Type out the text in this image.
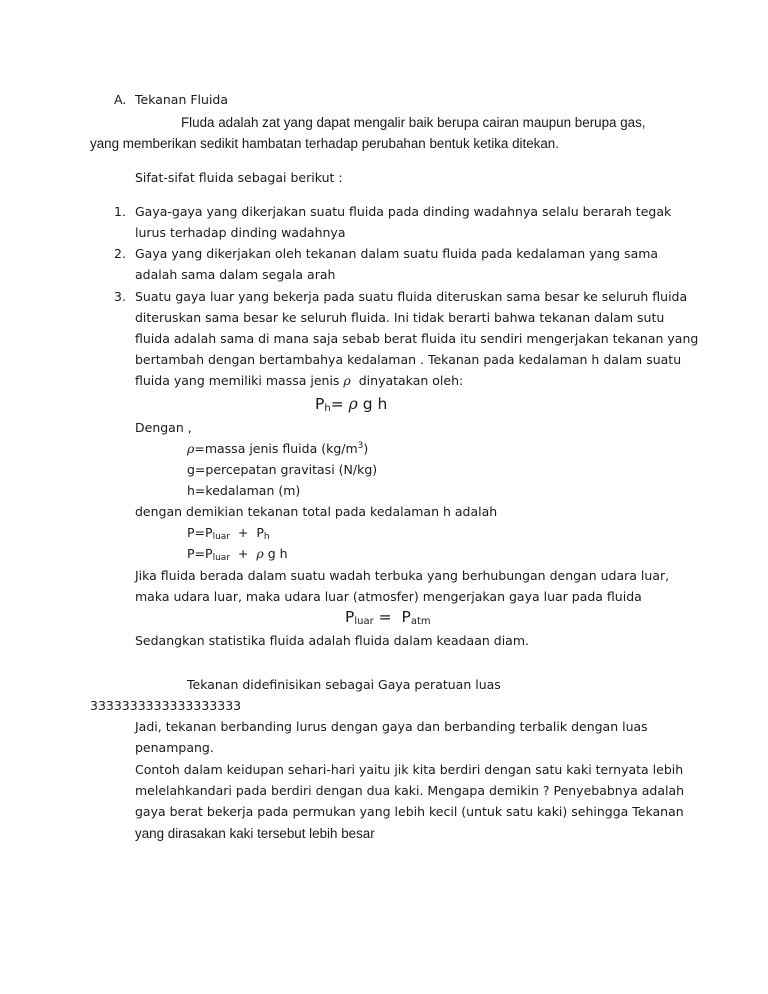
A. Tekanan Fluida
Fluda adalah zat yang dapat mengalir baik berupa cairan maupun berupa gas,
yang memberikan sedikit hambatan terhadap perubahan bentuk ketika ditekan.
Sifat-sifat fluida sebagai berikut :
1. Gaya-gaya yang dikerjakan suatu fluida pada dinding wadahnya selalu berarah tegak
lurus terhadap dinding wadahnya
2. Gaya yang dikerjakan oleh tekanan dalam suatu fluida pada kedalaman yang sama
adalah sama dalam segala arah
3. Suatu gaya luar yang bekerja pada suatu fluida diteruskan sama besar ke seluruh fluida
diteruskan sama besar ke seluruh fluida. Ini tidak berarti bahwa tekanan dalam sutu
fluida adalah sama di mana saja sebab berat fluida itu sendiri mengerjakan tekanan yang
bertambah dengan bertambahya kedalaman . Tekanan pada kedalaman h dalam suatu
fluida yang memiliki massa jenis ρ dinyatakan oleh:
$P_h= \rho$ g h
Dengan ,
ρ=massa jenis fluida $(kg/m^3)$
g=percepatan gravitasi (N/kg)
h=kedalaman (m)
dengan demikian tekanan total pada kedalaman h adalah
$P=P_{luar} + P_h$
$P=P_{luar} + \rho$ g h
Jika fluida berada dalam suatu wadah terbuka yang berhubungan dengan udara luar,
maka udara luar, maka udara luar (atmosfer) mengerjakan gaya luar pada fluida
$P_{luar} = P_{atm}$
Sedangkan statistika fluida adalah fluida dalam keadaan diam.
Tekanan didefinisikan sebagai Gaya peratuan luas
3333333333333333333
Jadi, tekanan berbanding lurus dengan gaya dan berbanding terbalik dengan luas
penampang.
Contoh dalam keidupan sehari-hari yaitu jik kita berdiri dengan satu kaki ternyata lebih
melelahkandari pada berdiri dengan dua kaki. Mengapa demikin ? Penyebabnya adalah
gaya berat bekerja pada permukan yang lebih kecil (untuk satu kaki) sehingga Tekanan
yang dirasakan kaki tersebut lebih besar
